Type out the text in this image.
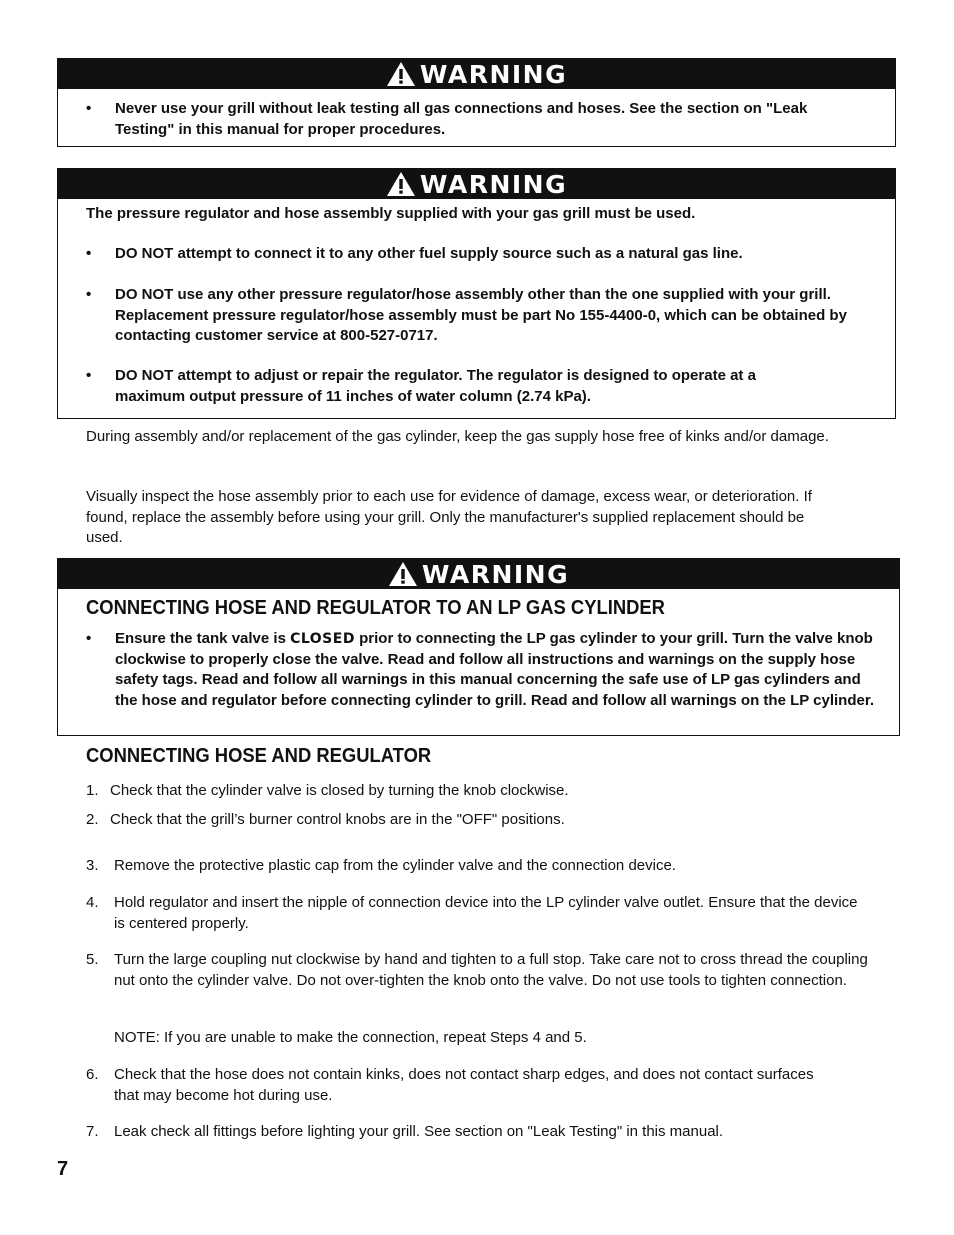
WARNING
• Never use your grill without leak testing all gas connections and hoses. See the section on "Leak Testing" in this manual for proper procedures.
WARNING
The pressure regulator and hose assembly supplied with your gas grill must be used.
• DO NOT attempt to connect it to any other fuel supply source such as a natural gas line.
• DO NOT use any other pressure regulator/hose assembly other than the one supplied with your grill. Replacement pressure regulator/hose assembly must be part No 155-4400-0, which can be obtained by contacting customer service at 800-527-0717.
• DO NOT attempt to adjust or repair the regulator. The regulator is designed to operate at a maximum output pressure of 11 inches of water column (2.74 kPa).
During assembly and/or replacement of the gas cylinder, keep the gas supply hose free of kinks and/or damage.
Visually inspect the hose assembly prior to each use for evidence of damage, excess wear, or deterioration. If found, replace the assembly before using your grill. Only the manufacturer's supplied replacement should be used.
WARNING
CONNECTING HOSE AND REGULATOR TO AN LP GAS CYLINDER
• Ensure the tank valve is CLOSED prior to connecting the LP gas cylinder to your grill. Turn the valve knob clockwise to properly close the valve. Read and follow all instructions and warnings on the supply hose safety tags. Read and follow all warnings in this manual concerning the safe use of LP gas cylinders and the hose and regulator before connecting cylinder to grill. Read and follow all warnings on the LP cylinder.
CONNECTING HOSE AND REGULATOR
1. Check that the cylinder valve is closed by turning the knob clockwise.
2. Check that the grill’s burner control knobs are in the "OFF" positions.
3.	Remove the protective plastic cap from the cylinder valve and the connection device.
4.	Hold regulator and insert the nipple of connection device into the LP cylinder valve outlet. Ensure that the device is centered properly.
5.	Turn the large coupling nut clockwise by hand and tighten to a full stop. Take care not to cross thread the coupling nut onto the cylinder valve. Do not over-tighten the knob onto the valve. Do not use tools to tighten connection.
NOTE: If you are unable to make the connection, repeat Steps 4 and 5.
6.	Check that the hose does not contain kinks, does not contact sharp edges, and does not contact surfaces that may become hot during use.
7.	Leak check all fittings before lighting your grill. See section on "Leak Testing" in this manual.
7
